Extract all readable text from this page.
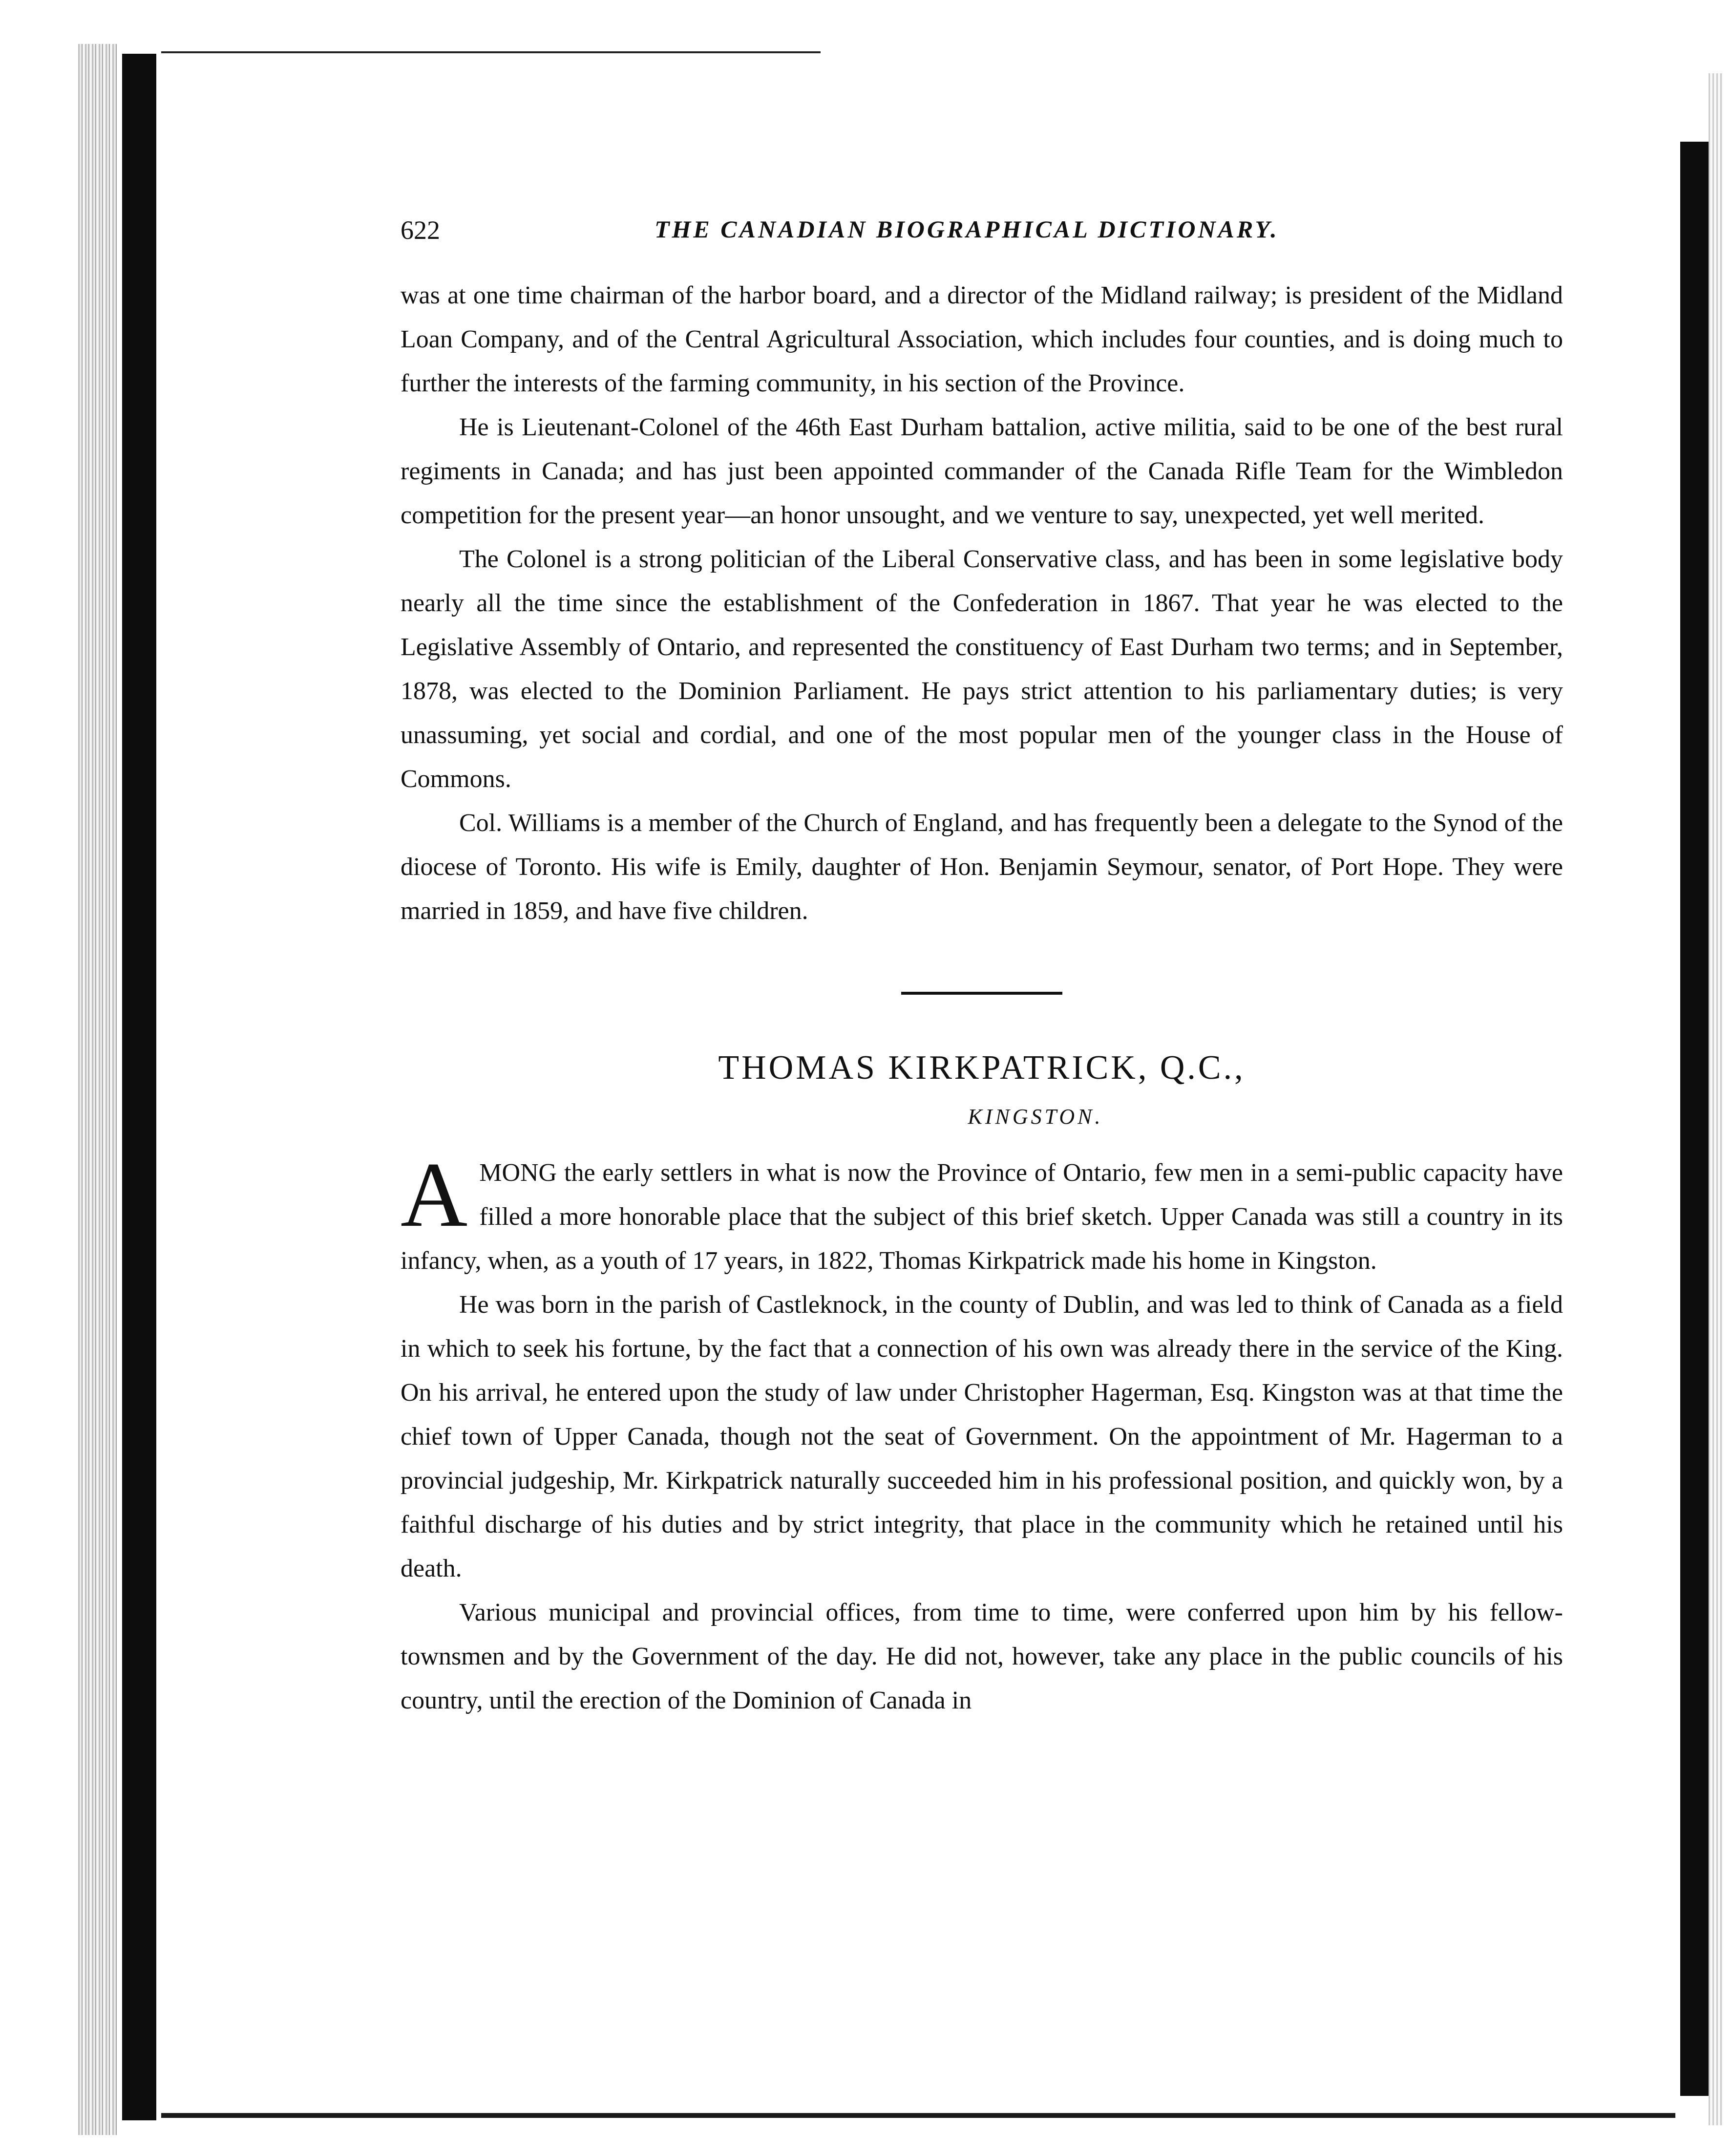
622	THE CANADIAN BIOGRAPHICAL DICTIONARY.

was at one time chairman of the harbor board, and a director of the Midland railway; is president of the Midland Loan Company, and of the Central Agricultural Association, which includes four counties, and is doing much to further the interests of the farming community, in his section of the Province.

He is Lieutenant-Colonel of the 46th East Durham battalion, active militia, said to be one of the best rural regiments in Canada; and has just been appointed commander of the Canada Rifle Team for the Wimbledon competition for the present year—an honor unsought, and we venture to say, unexpected, yet well merited.

The Colonel is a strong politician of the Liberal Conservative class, and has been in some legislative body nearly all the time since the establishment of the Confederation in 1867. That year he was elected to the Legislative Assembly of Ontario, and represented the constituency of East Durham two terms; and in September, 1878, was elected to the Dominion Parliament. He pays strict attention to his parliamentary duties; is very unassuming, yet social and cordial, and one of the most popular men of the younger class in the House of Commons.

Col. Williams is a member of the Church of England, and has frequently been a delegate to the Synod of the diocese of Toronto. His wife is Emily, daughter of Hon. Benjamin Seymour, senator, of Port Hope. They were married in 1859, and have five children.

THOMAS KIRKPATRICK, Q.C.,
KINGSTON.

AMONG the early settlers in what is now the Province of Ontario, few men in a semi-public capacity have filled a more honorable place that the subject of this brief sketch. Upper Canada was still a country in its infancy, when, as a youth of 17 years, in 1822, Thomas Kirkpatrick made his home in Kingston.

He was born in the parish of Castleknock, in the county of Dublin, and was led to think of Canada as a field in which to seek his fortune, by the fact that a connection of his own was already there in the service of the King. On his arrival, he entered upon the study of law under Christopher Hagerman, Esq. Kingston was at that time the chief town of Upper Canada, though not the seat of Government. On the appointment of Mr. Hagerman to a provincial judgeship, Mr. Kirkpatrick naturally succeeded him in his professional position, and quickly won, by a faithful discharge of his duties and by strict integrity, that place in the community which he retained until his death.

Various municipal and provincial offices, from time to time, were conferred upon him by his fellow-townsmen and by the Government of the day. He did not, however, take any place in the public councils of his country, until the erection of the Dominion of Canada in
